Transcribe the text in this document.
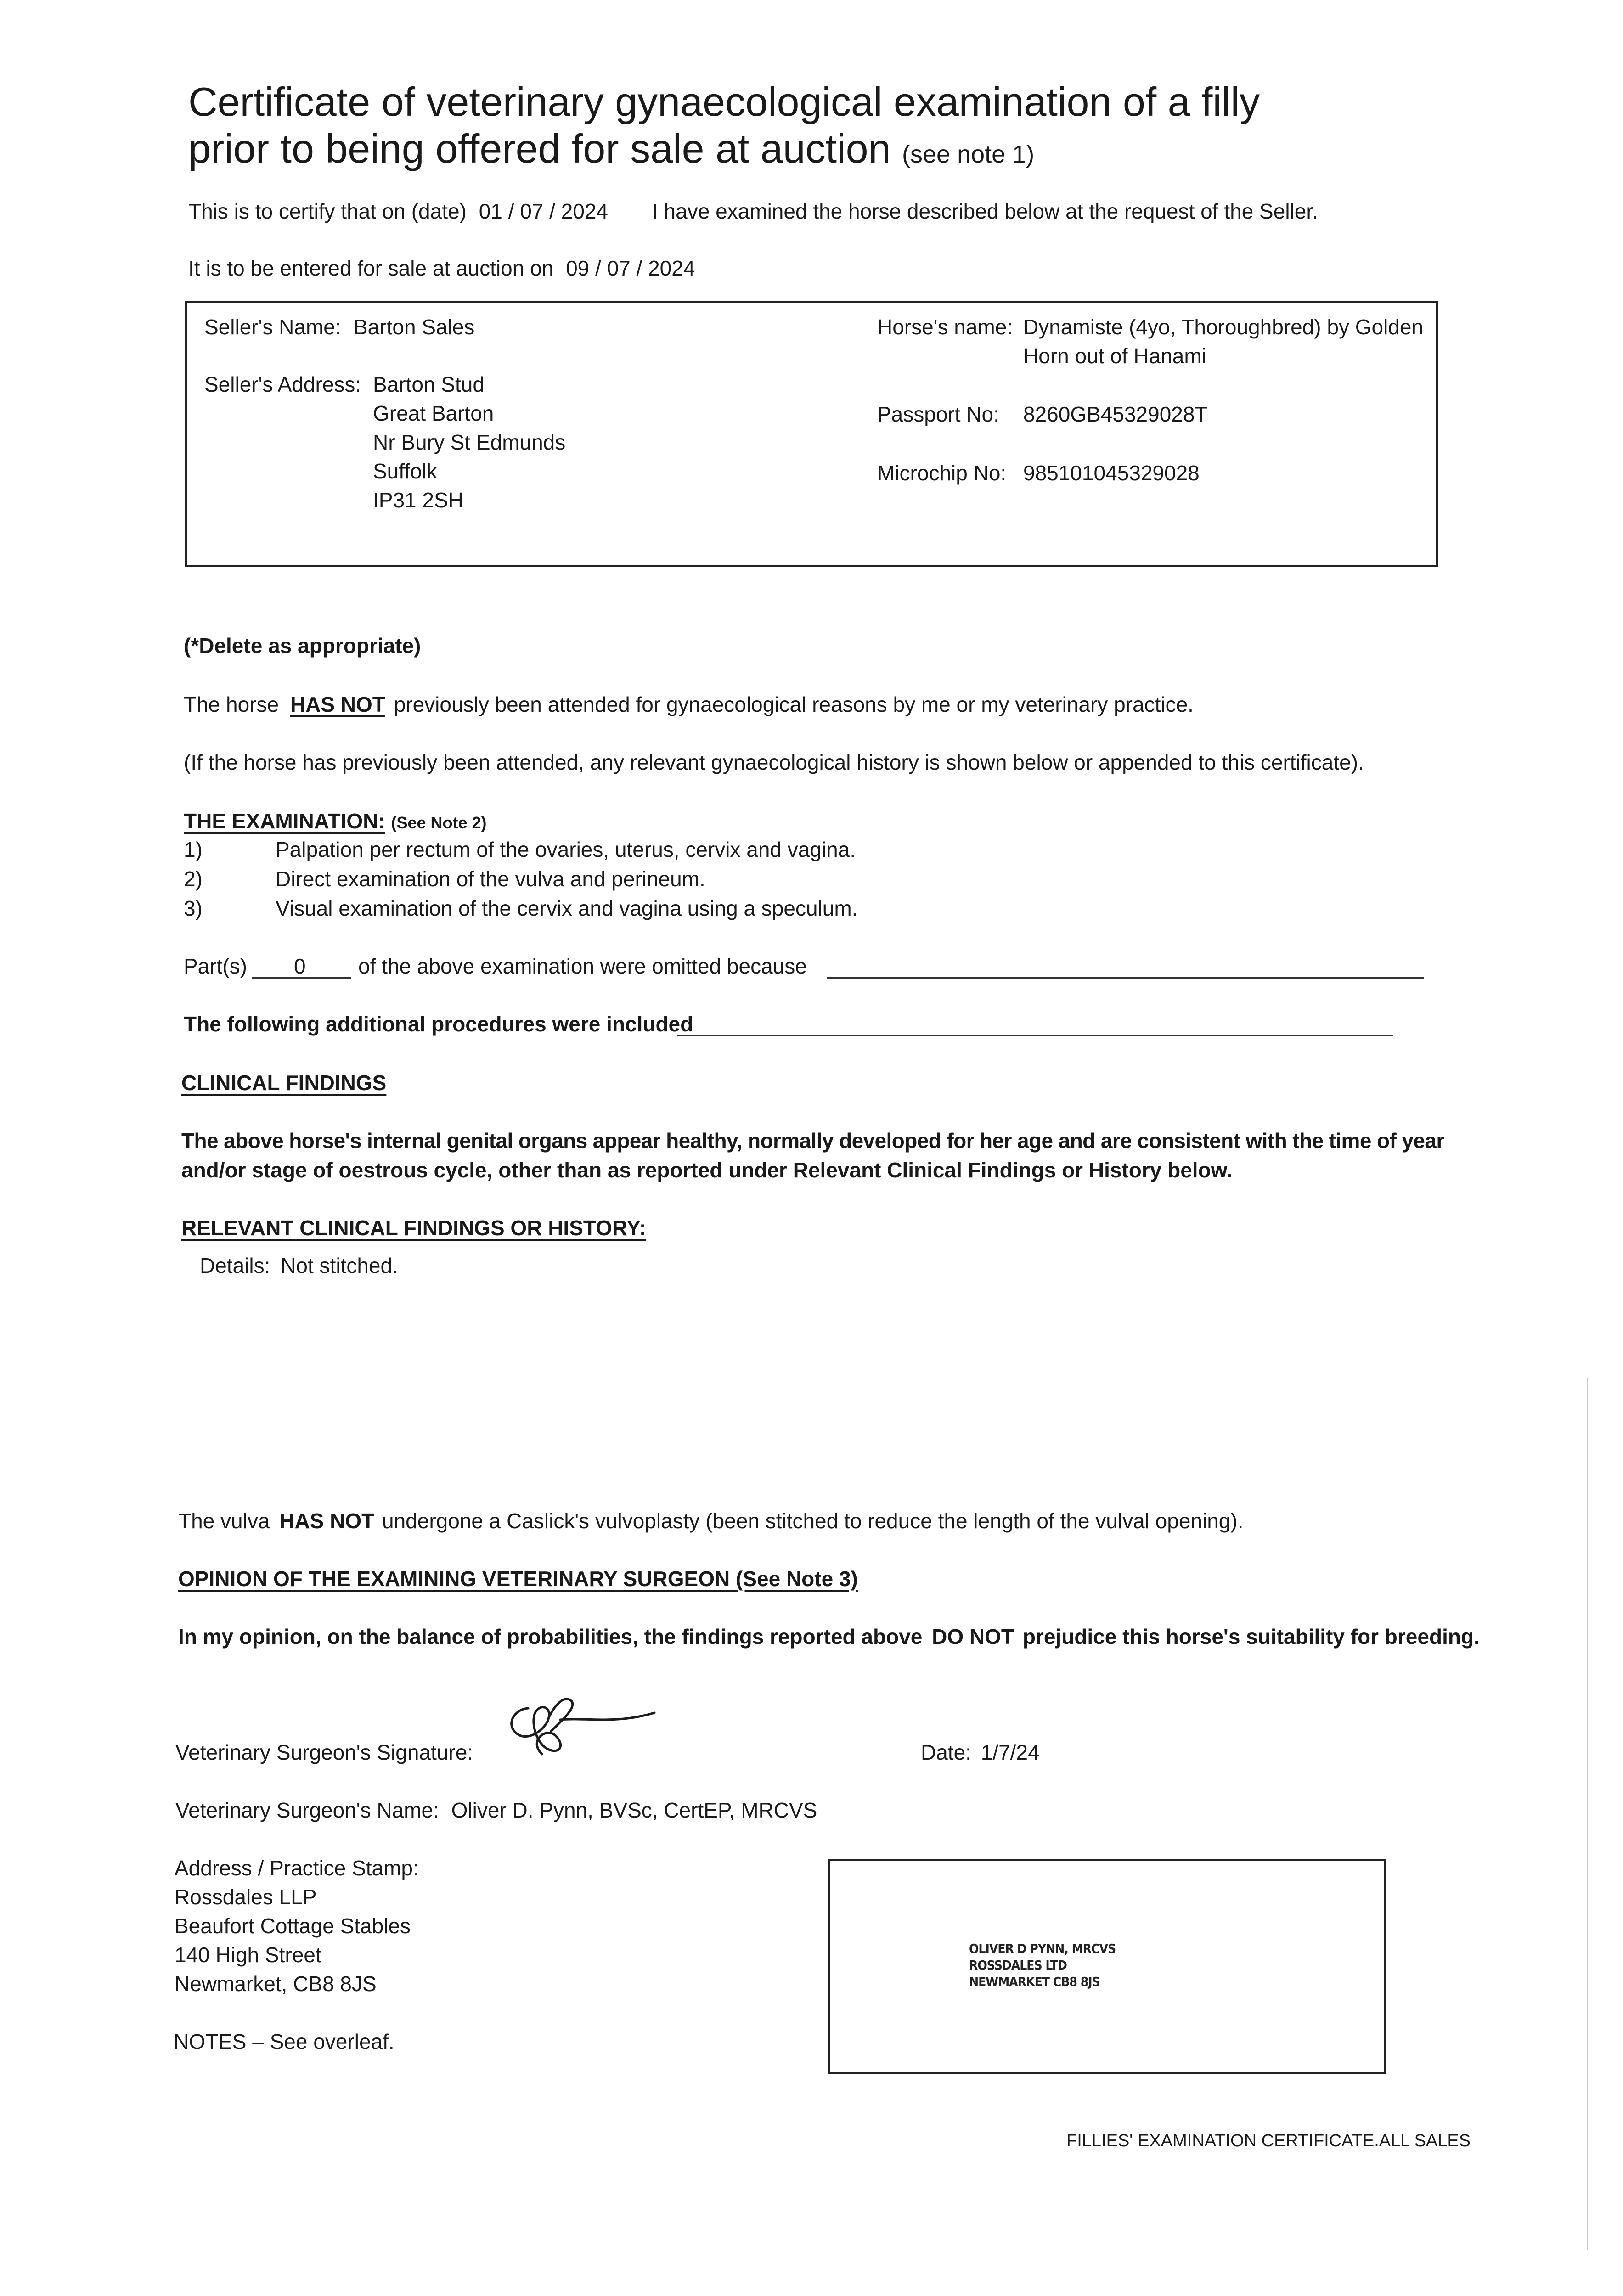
Certificate of veterinary gynaecological examination of a filly
prior to being offered for sale at auction (see note 1)
This is to certify that on (date) 01 / 07 / 2024 I have examined the horse described below at the request of the Seller.
It is to be entered for sale at auction on 09 / 07 / 2024
Seller's Name: Barton Sales
Seller's Address: Barton Stud
Great Barton
Nr Bury St Edmunds
Suffolk
IP31 2SH
Horse's name: Dynamiste (4yo, Thoroughbred) by Golden
Horn out of Hanami
Passport No: 8260GB45329028T
Microchip No: 985101045329028
(*Delete as appropriate)
The horse HAS NOT previously been attended for gynaecological reasons by me or my veterinary practice.
(If the horse has previously been attended, any relevant gynaecological history is shown below or appended to this certificate).
THE EXAMINATION: (See Note 2)
1)	Palpation per rectum of the ovaries, uterus, cervix and vagina.
2)	Direct examination of the vulva and perineum.
3)	Visual examination of the cervix and vagina using a speculum.
Part(s) 0 of the above examination were omitted because
The following additional procedures were included
CLINICAL FINDINGS
The above horse's internal genital organs appear healthy, normally developed for her age and are consistent with the time of year
and/or stage of oestrous cycle, other than as reported under Relevant Clinical Findings or History below.
RELEVANT CLINICAL FINDINGS OR HISTORY:
Details: Not stitched.
The vulva HAS NOT undergone a Caslick's vulvoplasty (been stitched to reduce the length of the vulval opening).
OPINION OF THE EXAMINING VETERINARY SURGEON (See Note 3)
In my opinion, on the balance of probabilities, the findings reported above DO NOT prejudice this horse's suitability for breeding.
Veterinary Surgeon's Signature:	Date: 1/7/24
Veterinary Surgeon's Name: Oliver D. Pynn, BVSc, CertEP, MRCVS
Address / Practice Stamp:
Rossdales LLP
Beaufort Cottage Stables
140 High Street
Newmarket, CB8 8JS
OLIVER D PYNN, MRCVS
ROSSDALES LTD
NEWMARKET CB8 8JS
NOTES – See overleaf.
FILLIES' EXAMINATION CERTIFICATE.ALL SALES
